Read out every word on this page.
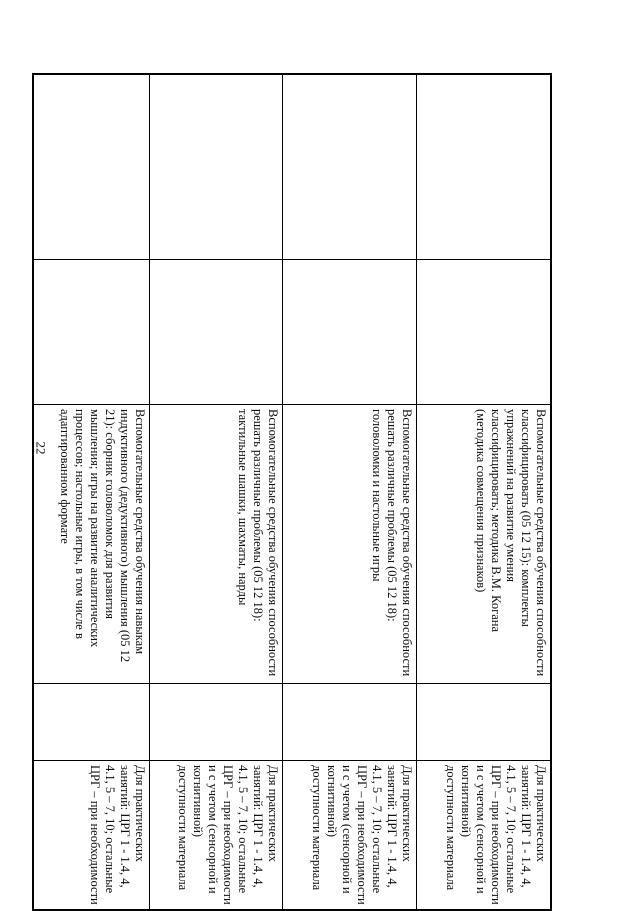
22
			Вспомогательные средства обучения способности классифицировать (05 12 15): комплекты упражнений на развитие умения классифицировать; методика В.М. Когана (методика совмещения признаков)		Для практических занятий: ЦРГ 1 - 1.4, 4, 4.1, 5 – 7, 10; остальные ЦРГ – при необходимости и с учетом (сенсорной и когнитивной) доступности материала
		Вспомогательные средства обучения способности решать различные проблемы (05 12 18): головоломки и настольные игры		Для практических занятий: ЦРГ 1 - 1.4, 4, 4.1, 5 – 7, 10; остальные ЦРГ – при необходимости и с учетом (сенсорной и когнитивной) доступности материала
		Вспомогательные средства обучения способности решать различные проблемы (05 12 18): тактильные шашки, шахматы, нарды		Для практических занятий: ЦРГ 1 - 1.4, 4, 4.1, 5 – 7, 10; остальные ЦРГ – при необходимости и с учетом (сенсорной и когнитивной) доступности материала
		Вспомогательные средства обучения навыкам индуктивного (дедуктивного) мышления (05 12 21): сборник головоломок для развития мышления; игры на развитие аналитических процессов; настольные игры, в том числе в адаптированном формате		Для практических занятий: ЦРГ 1 - 1.4, 4, 4.1, 5 – 7, 10; остальные ЦРГ – при необходимости
